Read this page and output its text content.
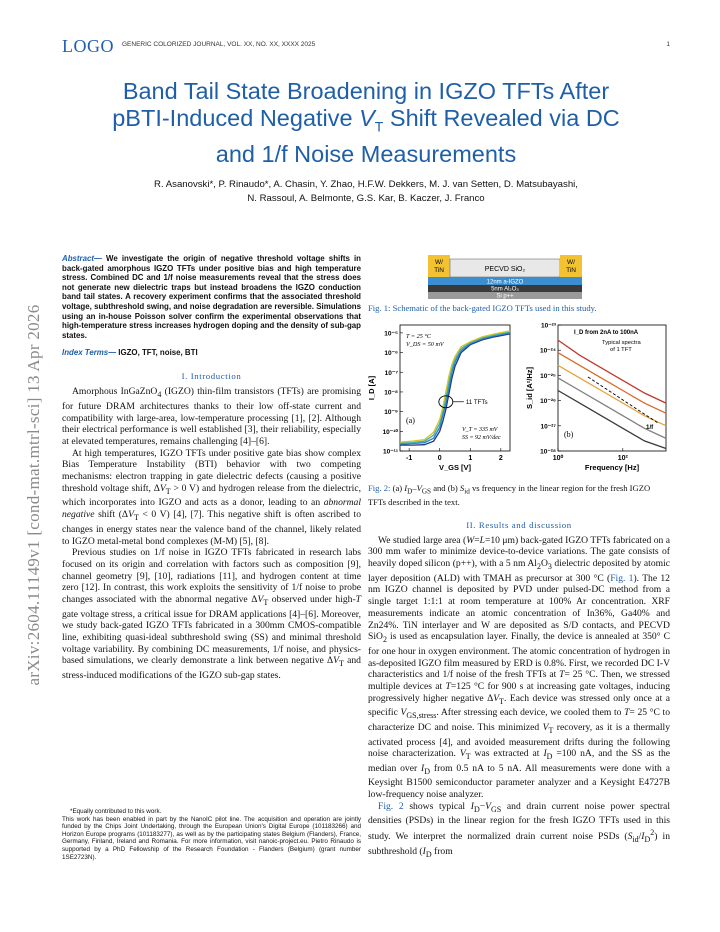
arXiv:2604.11149v1 [cond-mat.mtrl-sci] 13 Apr 2026
LOGO GENERIC COLORIZED JOURNAL, VOL. XX, NO. XX, XXXX 2025	1
Band Tail State Broadening in IGZO TFTs After
pBTI-Induced Negative $V_T$ Shift Revealed via DC
and 1/f Noise Measurements
R. Asanovski*, P. Rinaudo*, A. Chasin, Y. Zhao, H.F.W. Dekkers, M. J. van Setten, D. Matsubayashi,
N. Rassoul, A. Belmonte, G.S. Kar, B. Kaczer, J. Franco

Abstract— We investigate the origin of negative threshold voltage shifts in back-gated amorphous IGZO TFTs under positive bias and high temperature stress. Combined DC and 1/f noise measurements reveal that the stress does not generate new dielectric traps but instead broadens the IGZO conduction band tail states. A recovery experiment confirms that the associated threshold voltage, subthreshold swing, and noise degradation are reversible. Simulations using an in-house Poisson solver confirm the experimental observations that high-temperature stress increases hydrogen doping and the density of sub-gap states.

Index Terms— IGZO, TFT, noise, BTI

I. Introduction

Amorphous InGaZnO$_4$ (IGZO) thin-film transistors (TFTs) are promising for future DRAM architectures thanks to their low off-state current and compatibility with large-area, low-temperature processing [1], [2]. Although their electrical performance is well established [3], their reliability, especially at elevated temperatures, remains challenging [4]–[6].

At high temperatures, IGZO TFTs under positive gate bias show complex Bias Temperature Instability (BTI) behavior with two competing mechanisms: electron trapping in gate dielectric defects (causing a positive threshold voltage shift, $\Delta V_T > 0$ V) and hydrogen release from the dielectric, which incorporates into IGZO and acts as a donor, leading to an abnormal negative shift ($\Delta V_T < 0$ V) [4], [7]. This negative shift is often ascribed to changes in energy states near the valence band of the channel, likely related to IGZO metal-metal bond complexes (M-M) [5], [8].

Previous studies on 1/f noise in IGZO TFTs fabricated in research labs focused on its origin and correlation with factors such as composition [9], channel geometry [9], [10], radiations [11], and hydrogen content at time zero [12]. In contrast, this work exploits the sensitivity of 1/f noise to probe changes associated with the abnormal negative $\Delta V_T$ observed under high-T gate voltage stress, a critical issue for DRAM applications [4]–[6]. Moreover, we study back-gated IGZO TFTs fabricated in a 300mm CMOS-compatible line, exhibiting quasi-ideal subthreshold swing (SS) and minimal threshold voltage variability. By combining DC measurements, 1/f noise, and physics-based simulations, we clearly demonstrate a link between negative $\Delta V_T$ and stress-induced modifications of the IGZO sub-gap states.

*Equally contributed to this work.

This work has been enabled in part by the NanoIC pilot line. The acquisition and operation are jointly funded by the Chips Joint Undertaking, through the European Union's Digital Europe (101183266) and Horizon Europe programs (101183277), as well as by the participating states Belgium (Flanders), France, Germany, Finland, Ireland and Romania. For more information, visit nanoic-project.eu. Pietro Rinaudo is supported by a PhD Fellowship of the Research Foundation - Flanders (Belgium) (grant number 1SE2723N).

W/ TiN
W/ TiN
PECVD SiO₂
12nm a-IGZO
5nm Al₂O₃
Si p++

Fig. 1: Schematic of the back-gated IGZO TFTs used in this study.

10⁻⁵
10⁻⁶
10⁻⁷
10⁻⁸
10⁻⁹
10⁻¹⁰
10⁻¹¹
-1	0	1	2
I_D [A]
V_GS [V]
T = 25 °C
V_DS = 50 mV
(a)
11 TFTs
V_T = 335 mV
SS = 92 mV/dec
10⁻²³
10⁻²⁴
10⁻²⁵
10⁻²⁶
10⁻²⁷
10⁻²⁸
10⁰	10²
S_id [A²/Hz]
Frequency [Hz]
I_D from 2nA to 100nA
Typical spectra
of 1 TFT
1/f
(b)

Fig. 2: (a) $I_D-V_{GS}$ and (b) $S_{id}$ vs frequency in the linear region for the fresh IGZO TFTs described in the text.

II. Results and discussion

We studied large area (W=L=10 μm) back-gated IGZO TFTs fabricated on a 300 mm wafer to minimize device-to-device variations. The gate consists of heavily doped silicon (p++), with a 5 nm $Al_2O_3$ dielectric deposited by atomic layer deposition (ALD) with TMAH as precursor at 300 °C (Fig. 1). The 12 nm IGZO channel is deposited by PVD under pulsed-DC method from a single target 1:1:1 at room temperature at 100% Ar concentration. XRF measurements indicate an atomic concentration of In36%, Ga40% and Zn24%. TiN interlayer and W are deposited as S/D contacts, and PECVD SiO$_2$ is used as encapsulation layer. Finally, the device is annealed at 350° C for one hour in oxygen environment. The atomic concentration of hydrogen in as-deposited IGZO film measured by ERD is 0.8%. First, we recorded DC I-V characteristics and 1/f noise of the fresh TFTs at T= 25 °C. Then, we stressed multiple devices at T=125 °C for 900 s at increasing gate voltages, inducing progressively higher negative $\Delta V_T$. Each device was stressed only once at a specific $V_{GS,stress}$. After stressing each device, we cooled them to T= 25 °C to characterize DC and noise. This minimized $V_T$ recovery, as it is a thermally activated process [4], and avoided measurement drifts during the following noise characterization. $V_T$ was extracted at $I_D =100$ nA, and the SS as the median over $I_D$ from 0.5 nA to 5 nA. All measurements were done with a Keysight B1500 semiconductor parameter analyzer and a Keysight E4727B low-frequency noise analyzer.

Fig. 2 shows typical $I_D-V_{GS}$ and drain current noise power spectral densities (PSDs) in the linear region for the fresh IGZO TFTs used in this study. We interpret the normalized drain current noise PSDs $(S_{id}/I_D^2)$ in subthreshold ($I_D$ from
